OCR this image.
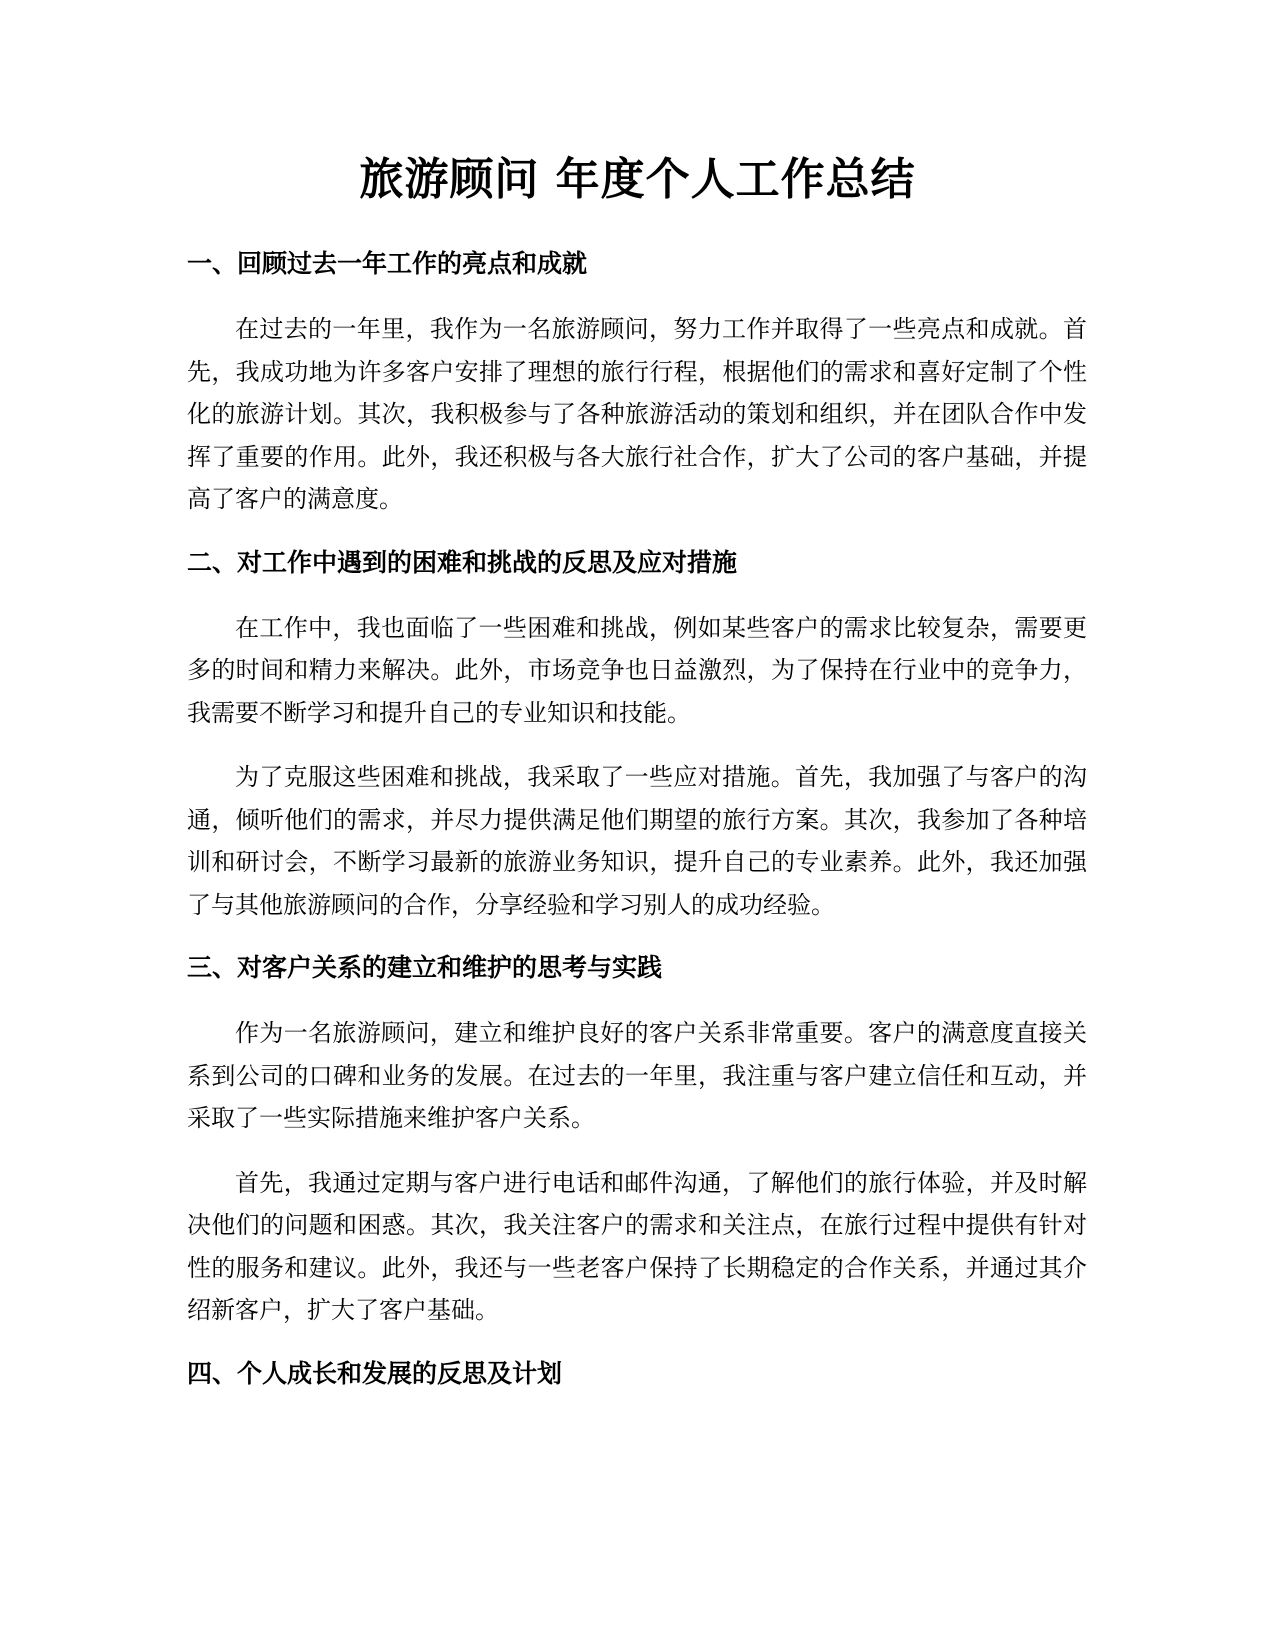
旅游顾问 年度个人工作总结
一、回顾过去一年工作的亮点和成就

在过去的一年里，我作为一名旅游顾问，努力工作并取得了一些亮点和成就。首先，我成功地为许多客户安排了理想的旅行行程，根据他们的需求和喜好定制了个性化的旅游计划。其次，我积极参与了各种旅游活动的策划和组织，并在团队合作中发挥了重要的作用。此外，我还积极与各大旅行社合作，扩大了公司的客户基础，并提高了客户的满意度。

二、对工作中遇到的困难和挑战的反思及应对措施

在工作中，我也面临了一些困难和挑战，例如某些客户的需求比较复杂，需要更多的时间和精力来解决。此外，市场竞争也日益激烈，为了保持在行业中的竞争力，我需要不断学习和提升自己的专业知识和技能。

为了克服这些困难和挑战，我采取了一些应对措施。首先，我加强了与客户的沟通，倾听他们的需求，并尽力提供满足他们期望的旅行方案。其次，我参加了各种培训和研讨会，不断学习最新的旅游业务知识，提升自己的专业素养。此外，我还加强了与其他旅游顾问的合作，分享经验和学习别人的成功经验。

三、对客户关系的建立和维护的思考与实践

作为一名旅游顾问，建立和维护良好的客户关系非常重要。客户的满意度直接关系到公司的口碑和业务的发展。在过去的一年里，我注重与客户建立信任和互动，并采取了一些实际措施来维护客户关系。

首先，我通过定期与客户进行电话和邮件沟通，了解他们的旅行体验，并及时解决他们的问题和困惑。其次，我关注客户的需求和关注点，在旅行过程中提供有针对性的服务和建议。此外，我还与一些老客户保持了长期稳定的合作关系，并通过其介绍新客户，扩大了客户基础。

四、个人成长和发展的反思及计划
